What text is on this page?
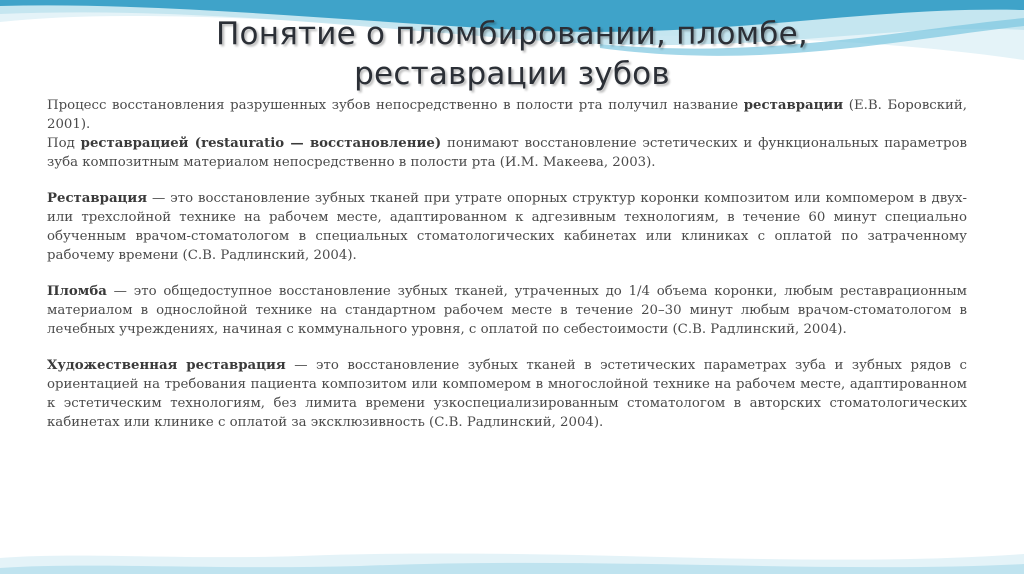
Понятие о пломбировании, пломбе,
реставрации зубов

Процесс восстановления разрушенных зубов непосредственно в полости рта получил название реставрации (Е.В. Боровский, 2001).

Под реставрацией (restauratio — восстановление) понимают восстановление эстетических и функциональных параметров зуба композитным материалом непосредственно в полости рта (И.М. Макеева, 2003).

Реставрация — это восстановление зубных тканей при утрате опорных структур коронки композитом или компомером в двух- или трехслойной технике на рабочем месте, адаптированном к адгезивным технологиям, в течение 60 минут специально обученным врачом-стоматологом в специальных стоматологических кабинетах или клиниках с оплатой по затраченному рабочему времени (С.В. Радлинский, 2004).

Пломба — это общедоступное восстановление зубных тканей, утраченных до 1/4 объема коронки, любым реставрационным материалом в однослойной технике на стандартном рабочем месте в течение 20–30 минут любым врачом-стоматологом в лечебных учреждениях, начиная с коммунального уровня, с оплатой по себестоимости (С.В. Радлинский, 2004).

Художественная реставрация — это восстановление зубных тканей в эстетических параметрах зуба и зубных рядов с ориентацией на требования пациента композитом или компомером в многослойной технике на рабочем месте, адаптированном к эстетическим технологиям, без лимита времени узкоспециализированным стоматологом в авторских стоматологических кабинетах или клинике с оплатой за эксклюзивность (С.В. Радлинский, 2004).
